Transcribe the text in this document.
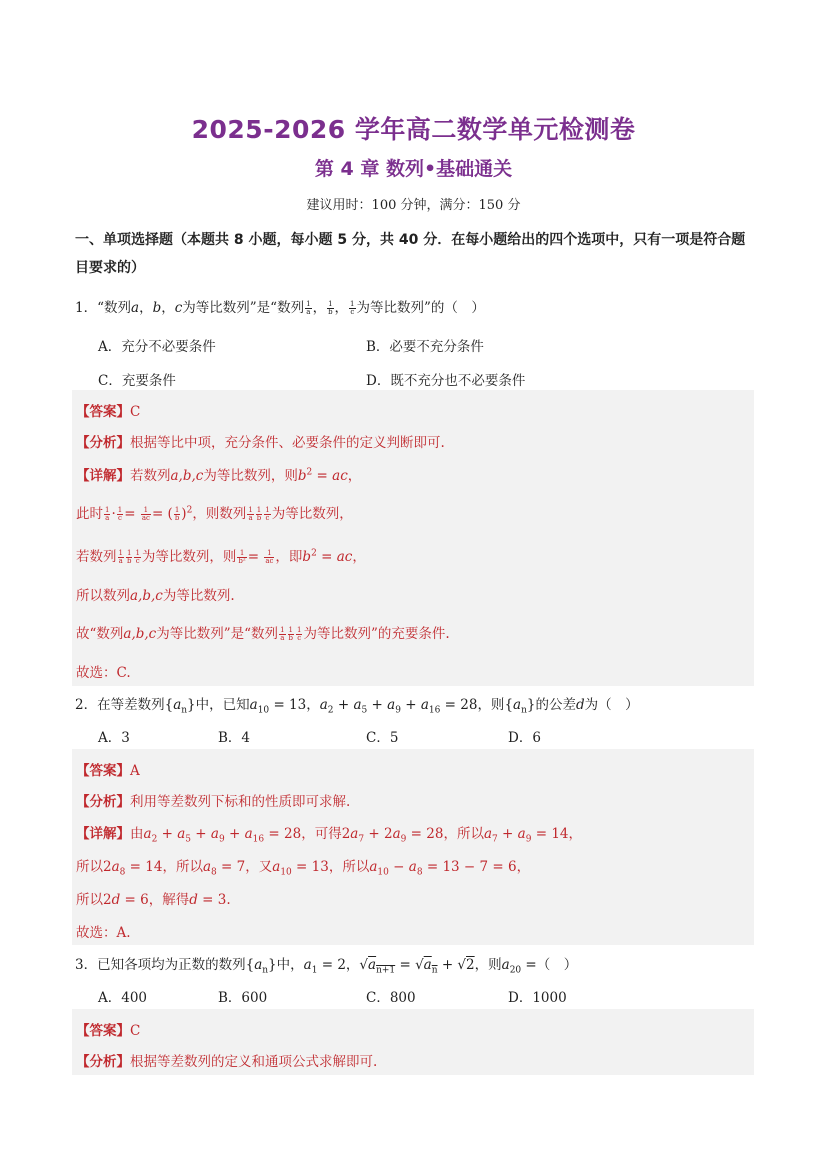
2025-2026 学年高二数学单元检测卷
第 4 章 数列•基础通关
建议用时：100 分钟，满分：150 分
一、单项选择题（本题共 8 小题，每小题 5 分，共 40 分．在每小题给出的四个选项中，只有一项是符合题目要求的）
1．“数列a，b，c为等比数列”是“数列 $\frac{1}{a}$ ， $\frac{1}{b}$ ， $\frac{1}{c}$ 为等比数列”的（　）
A．充分不必要条件	B．必要不充分条件
C．充要条件	D．既不充分也不必要条件
【答案】C
【分析】根据等比中项，充分条件、必要条件的定义判断即可.
【详解】若数列a,b,c为等比数列，则$b^2$ = ac，
此时 $\frac{1}{a} \cdot \frac{1}{c} = \frac{1}{ac}$ = ( $\frac{1}{b} )^2$，则数列 $\frac{1}{a} \frac{1}{b} \frac{1}{c}$ 为等比数列，
若数列 $\frac{1}{a} \frac{1}{b} \frac{1}{c}$ 为等比数列，则 $\frac{1}{\text{b²}} = \frac{1}{ac}$ ，即$b^2$ = ac，
所以数列a,b,c为等比数列.
故“数列a,b,c为等比数列”是“数列 $\frac{1}{a} \frac{1}{b} \frac{1}{c}$ 为等比数列”的充要条件.
故选：C.
2．在等差数列$\{a_n\}$中，已知$a_{10} = 13$，$a_2 + a_5 + a_9 + a_{16} = 28$，则$\{a_n\}$的公差d为（　）
A．3	B．4	C．5	D．6
【答案】A
【分析】利用等差数列下标和的性质即可求解.
【详解】由$a_2 + a_5 + a_9 + a_{16} = 28$，可得$2a_7 + 2a_9 = 28$，所以$a_7 + a_9 = 14$，
所以$2a_8 = 14$，所以$a_8 = 7$，又$a_{10} = 13$，所以$a_{10} - a_8 = 13 - 7 = 6$，
所以2d = 6，解得d = 3.
故选：A.
3．已知各项均为正数的数列$\{a_n\}$中，$a_1 = 2$，$√a_{n+1} = √a_n + √2$，则$a_{20}$ =（　）
A．400	B．600	C．800	D．1000
【答案】C
【分析】根据等差数列的定义和通项公式求解即可.
